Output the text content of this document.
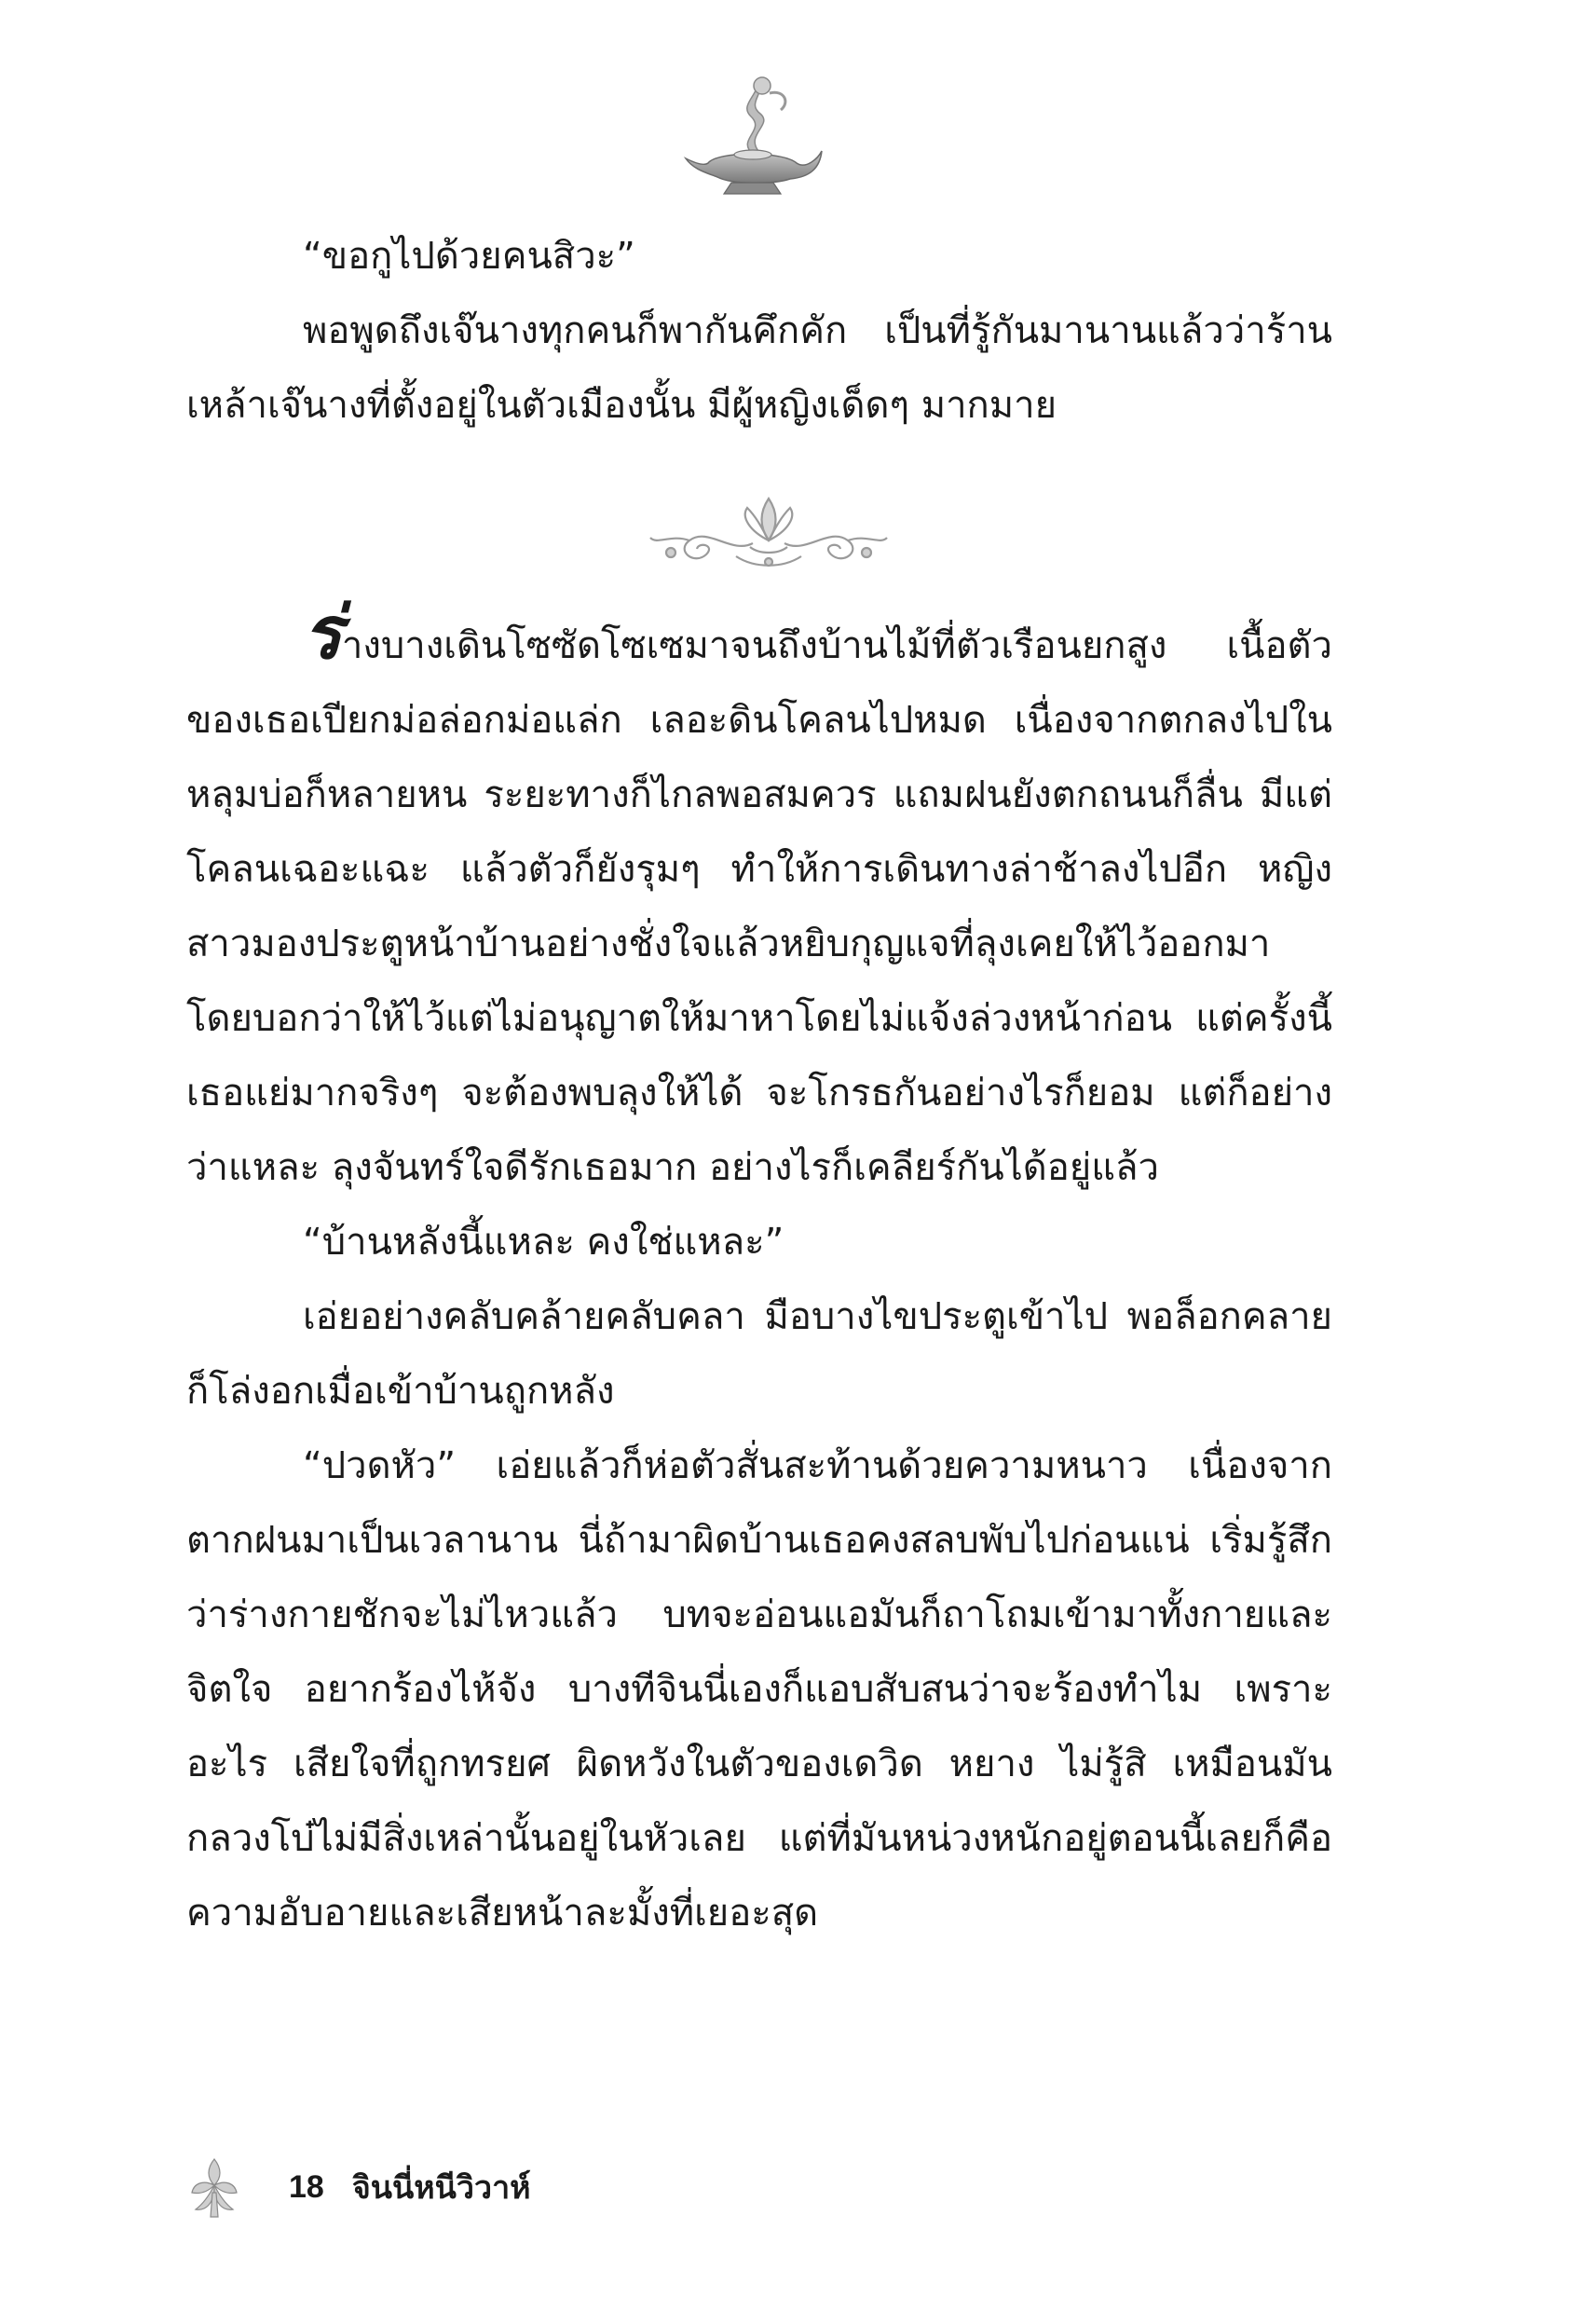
“ขอกูไปด้วยคนสิวะ”

พอพูดถึงเจ๊นางทุกคนก็พากันคึกคัก เป็นที่รู้กันมานานแล้วว่าร้านเหล้าเจ๊นางที่ตั้งอยู่ในตัวเมืองนั้น มีผู้หญิงเด็ดๆ มากมาย

ร่างบางเดินโซซัดโซเซมาจนถึงบ้านไม้ที่ตัวเรือนยกสูง เนื้อตัวของเธอเปียกม่อล่อกม่อแล่ก เลอะดินโคลนไปหมด เนื่องจากตกลงไปในหลุมบ่อก็หลายหน ระยะทางก็ไกลพอสมควร แถมฝนยังตกถนนก็ลื่น มีแต่โคลนเฉอะแฉะ แล้วตัวก็ยังรุมๆ ทำให้การเดินทางล่าช้าลงไปอีก หญิงสาวมองประตูหน้าบ้านอย่างชั่งใจแล้วหยิบกุญแจที่ลุงเคยให้ไว้ออกมา โดยบอกว่าให้ไว้แต่ไม่อนุญาตให้มาหาโดยไม่แจ้งล่วงหน้าก่อน แต่ครั้งนี้เธอแย่มากจริงๆ จะต้องพบลุงให้ได้ จะโกรธกันอย่างไรก็ยอม แต่ก็อย่างว่าแหละ ลุงจันทร์ใจดีรักเธอมาก อย่างไรก็เคลียร์กันได้อยู่แล้ว

“บ้านหลังนี้แหละ คงใช่แหละ”

เอ่ยอย่างคลับคล้ายคลับคลา มือบางไขประตูเข้าไป พอล็อกคลายก็โล่งอกเมื่อเข้าบ้านถูกหลัง

“ปวดหัว” เอ่ยแล้วก็ห่อตัวสั่นสะท้านด้วยความหนาว เนื่องจากตากฝนมาเป็นเวลานาน นี่ถ้ามาผิดบ้านเธอคงสลบพับไปก่อนแน่ เริ่มรู้สึกว่าร่างกายชักจะไม่ไหวแล้ว บทจะอ่อนแอมันก็ถาโถมเข้ามาทั้งกายและจิตใจ อยากร้องไห้จัง บางทีจินนี่เองก็แอบสับสนว่าจะร้องทำไม เพราะอะไร เสียใจที่ถูกทรยศ ผิดหวังในตัวของเดวิด หยาง ไม่รู้สิ เหมือนมันกลวงโบ๋ไม่มีสิ่งเหล่านั้นอยู่ในหัวเลย แต่ที่มันหน่วงหนักอยู่ตอนนี้เลยก็คือความอับอายและเสียหน้าละมั้งที่เยอะสุด

18 จินนี่หนีวิวาห์
